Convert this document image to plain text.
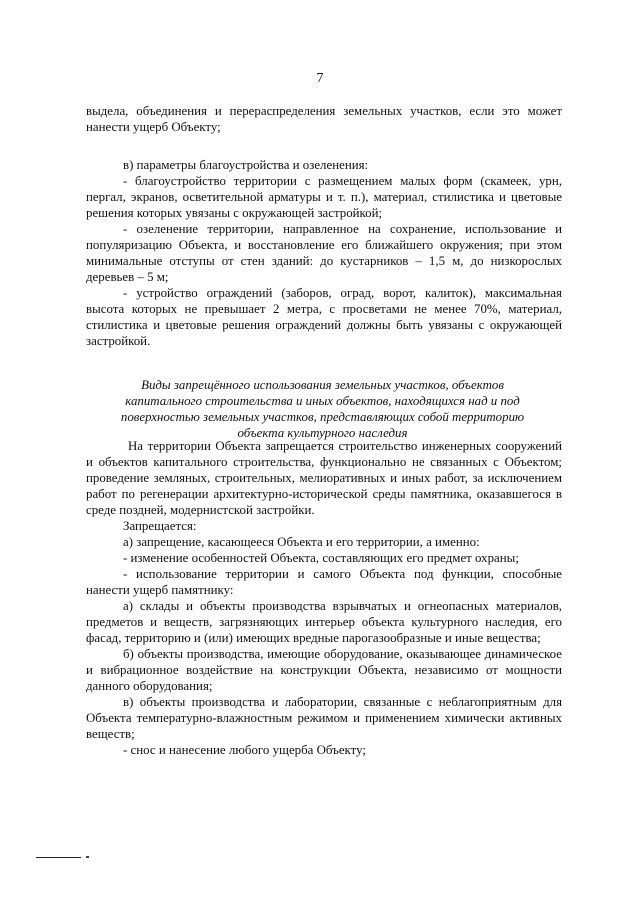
7

выдела, объединения и перераспределения земельных участков, если это может нанести ущерб Объекту;

в) параметры благоустройства и озеленения:

- благоустройство территории с размещением малых форм (скамеек, урн, пергал, экранов, осветительной арматуры и т. п.), материал, стилистика и цветовые решения которых увязаны с окружающей застройкой;

- озеленение территории, направленное на сохранение, использование и популяризацию Объекта, и восстановление его ближайшего окружения; при этом минимальные отступы от стен зданий: до кустарников – 1,5 м, до низкорослых деревьев – 5 м;

- устройство ограждений (заборов, оград, ворот, калиток), максимальная высота которых не превышает 2 метра, с просветами не менее 70%, материал, стилистика и цветовые решения ограждений должны быть увязаны с окружающей застройкой.

Виды запрещённого использования земельных участков, объектов капитального строительства и иных объектов, находящихся над и под поверхностью земельных участков, представляющих собой территорию объекта культурного наследия

На территории Объекта запрещается строительство инженерных сооружений и объектов капитального строительства, функционально не связанных с Объектом; проведение земляных, строительных, мелиоративных и иных работ, за исключением работ по регенерации архитектурно-исторической среды памятника, оказавшегося в среде поздней, модернистской застройки.

Запрещается:

а) запрещение, касающееся Объекта и его территории, а именно:

- изменение особенностей Объекта, составляющих его предмет охраны;

- использование территории и самого Объекта под функции, способные нанести ущерб памятнику:

а) склады и объекты производства взрывчатых и огнеопасных материалов, предметов и веществ, загрязняющих интерьер объекта культурного наследия, его фасад, территорию и (или) имеющих вредные парогазообразные и иные вещества;

б) объекты производства, имеющие оборудование, оказывающее динамическое и вибрационное воздействие на конструкции Объекта, независимо от мощности данного оборудования;

в) объекты производства и лаборатории, связанные с неблагоприятным для Объекта температурно-влажностным режимом и применением химически активных веществ;

- снос и нанесение любого ущерба Объекту;
